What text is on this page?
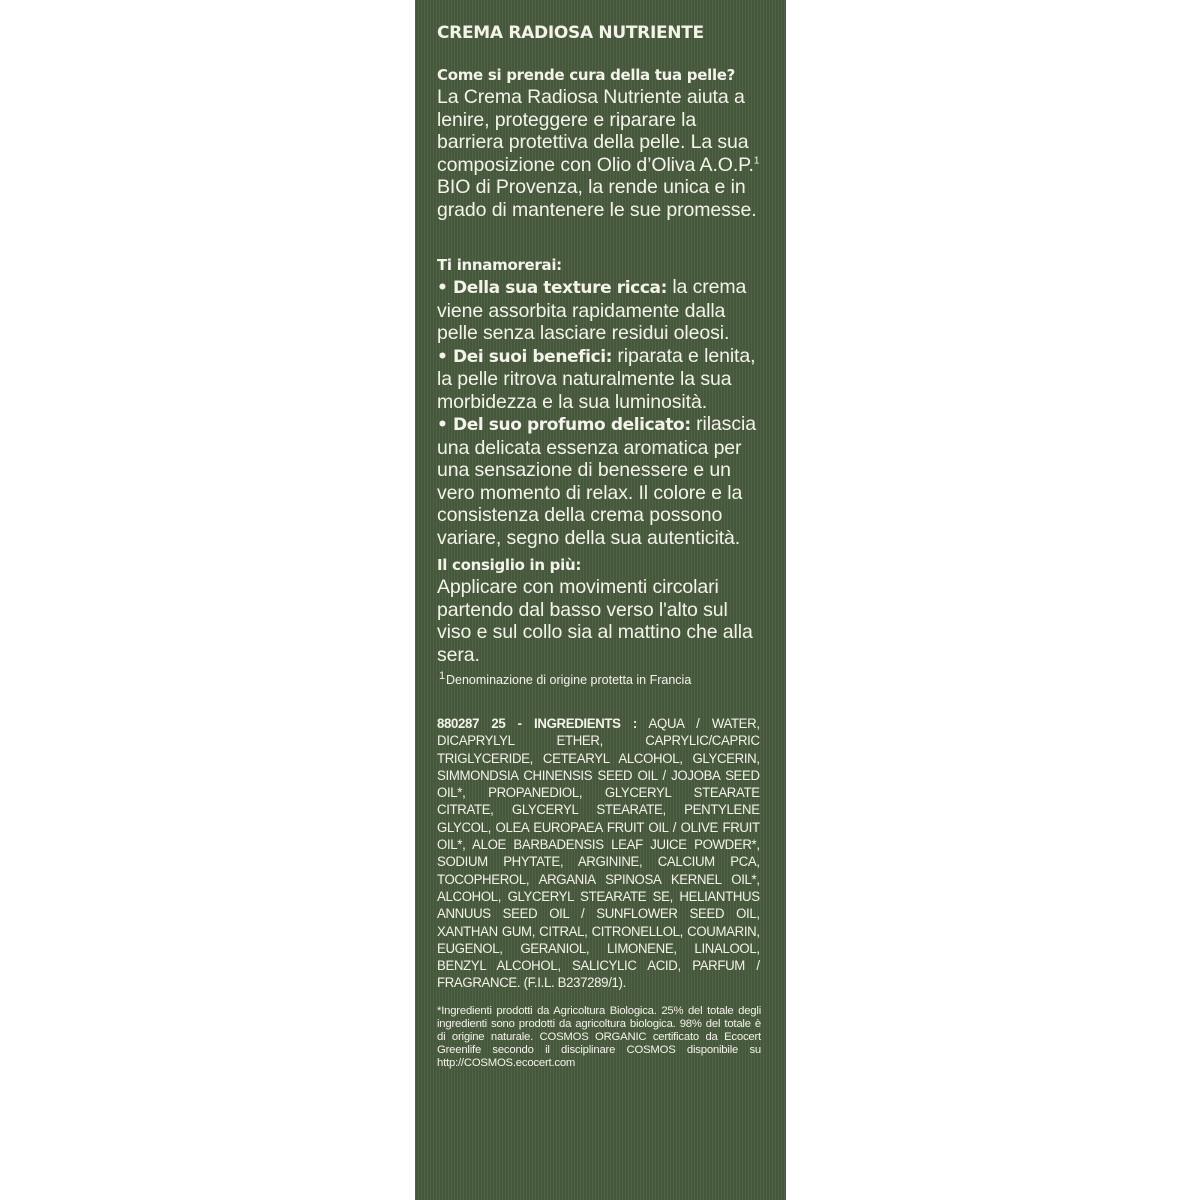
CREMA RADIOSA NUTRIENTE
Come si prende cura della tua pelle?
La Crema Radiosa Nutriente aiuta a lenire, proteggere e riparare la barriera protettiva della pelle. La sua composizione con Olio d’Oliva A.O.P.$^1$ BIO di Provenza, la rende unica e in grado di mantenere le sue promesse.
Ti innamorerai:
• Della sua texture ricca: la crema viene assorbita rapidamente dalla pelle senza lasciare residui oleosi.
• Dei suoi benefici: riparata e lenita, la pelle ritrova naturalmente la sua morbidezza e la sua luminosità.
• Del suo profumo delicato: rilascia una delicata essenza aromatica per una sensazione di benessere e un vero momento di relax. Il colore e la consistenza della crema possono variare, segno della sua autenticità.
Il consiglio in più:
Applicare con movimenti circolari partendo dal basso verso l'alto sul viso e sul collo sia al mattino che alla sera.
1 Denominazione di origine protetta in Francia
880287 25 - INGREDIENTS : AQUA / WATER, DICAPRYLYL ETHER, CAPRYLIC/CAPRIC TRIGLYCERIDE, CETEARYL ALCOHOL, GLYCERIN, SIMMONDSIA CHINENSIS SEED OIL / JOJOBA SEED OIL*, PROPANEDIOL, GLYCERYL STEARATE CITRATE, GLYCERYL STEARATE, PENTYLENE GLYCOL, OLEA EUROPAEA FRUIT OIL / OLIVE FRUIT OIL*, ALOE BARBADENSIS LEAF JUICE POWDER*, SODIUM PHYTATE, ARGININE, CALCIUM PCA, TOCOPHEROL, ARGANIA SPINOSA KERNEL OIL*, ALCOHOL, GLYCERYL STEARATE SE, HELIANTHUS ANNUUS SEED OIL / SUNFLOWER SEED OIL, XANTHAN GUM, CITRAL, CITRONELLOL, COUMARIN, EUGENOL, GERANIOL, LIMONENE, LINALOOL, BENZYL ALCOHOL, SALICYLIC ACID, PARFUM / FRAGRANCE. (F.I.L. B237289/1).
*Ingredienti prodotti da Agricoltura Biologica. 25% del totale degli ingredienti sono prodotti da agricoltura biologica. 98% del totale è di origine naturale. COSMOS ORGANIC certificato da Ecocert Greenlife secondo il disciplinare COSMOS disponibile su http://COSMOS.ecocert.com
